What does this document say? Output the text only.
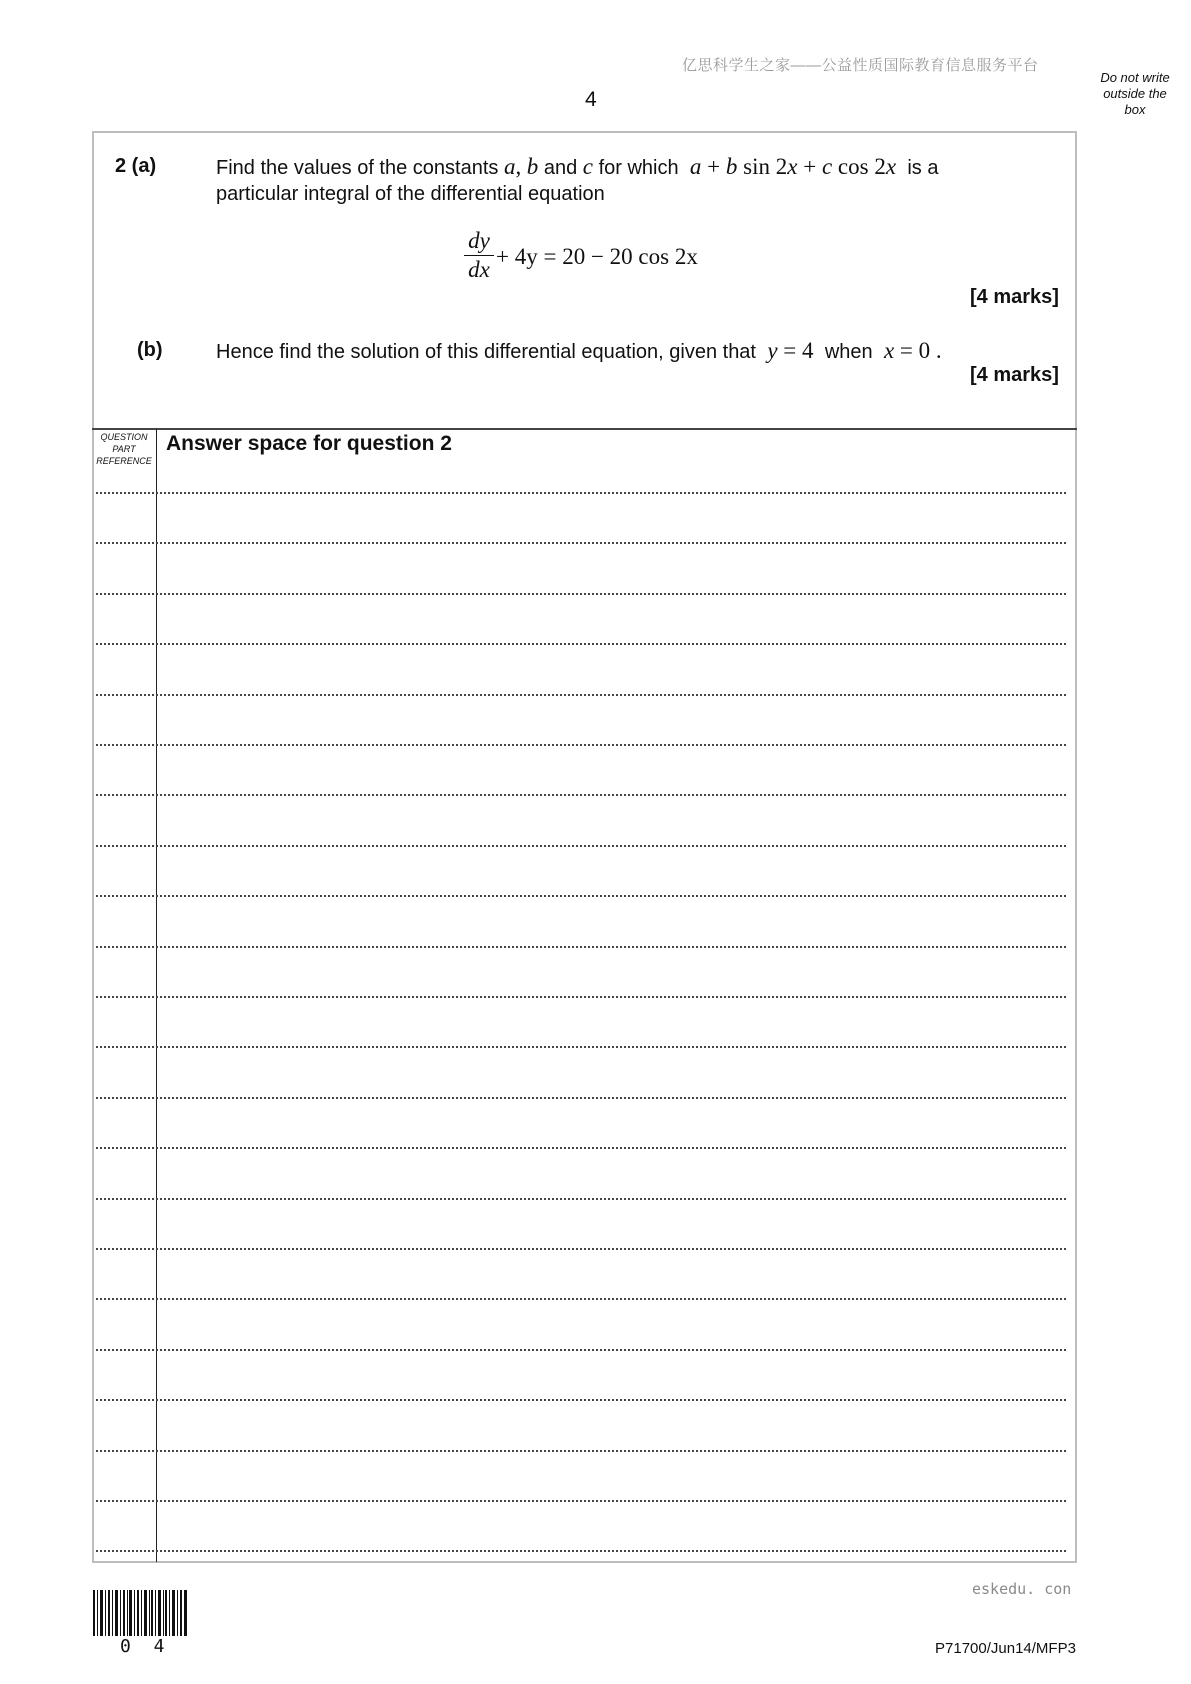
亿思科学生之家——公益性质国际教育信息服务平台
4
Do not write
outside the
box
2 (a)	Find the values of the constants a, b and c for which a + b sin 2x + c cos 2x is a
particular integral of the differential equation
dy
dx
+ 4y = 20 − 20 cos 2x
[4 marks]
(b)	Hence find the solution of this differential equation, given that y = 4  when x = 0 .
[4 marks]
QUESTION
PART
REFERENCE
Answer space for question 2
eskedu. con
0 4	P71700/Jun14/MFP3
